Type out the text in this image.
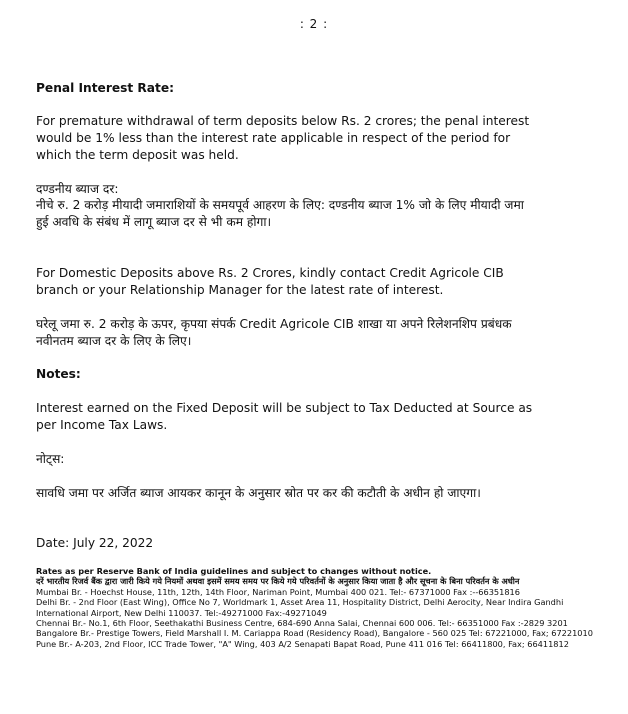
: 2 :
Penal Interest Rate:
For premature withdrawal of term deposits below Rs. 2 crores; the penal interest would be 1% less than the interest rate applicable in respect of the period for which the term deposit was held.
दण्डनीय ब्याज दर:
नीचे रु. 2 करोड़ मीयादी जमाराशियों के समयपूर्व आहरण के लिए: दण्डनीय ब्याज 1% जो के लिए मीयादी जमा हुई अवधि के संबंध में लागू ब्याज दर से भी कम होगा।
For Domestic Deposits above Rs. 2 Crores, kindly contact Credit Agricole CIB branch or your Relationship Manager for the latest rate of interest.
घरेलू जमा रु. 2 करोड़ के ऊपर, कृपया संपर्क Credit Agricole CIB शाखा या अपने रिलेशनशिप प्रबंधक नवीनतम ब्याज दर के लिए के लिए।
Notes:
Interest earned on the Fixed Deposit will be subject to Tax Deducted at Source as per Income Tax Laws.
नोट्स:
सावधि जमा पर अर्जित ब्याज आयकर कानून के अनुसार स्रोत पर कर की कटौती के अधीन हो जाएगा।
Date: July 22, 2022
Rates as per Reserve Bank of India guidelines and subject to changes without notice.
दरें भारतीय रिजर्व बैंक द्वारा जारी किये गये नियमों अथवा इसमें समय समय पर किये गये परिवर्तनों के अनुसार किया जाता है और सूचना के बिना परिवर्तन के अधीन
Mumbai Br. - Hoechst House, 11th, 12th, 14th Floor, Nariman Point, Mumbai 400 021. Tel:- 67371000 Fax :--66351816
Delhi Br. - 2nd Floor (East Wing), Office No 7, Worldmark 1, Asset Area 11, Hospitality District, Delhi Aerocity, Near Indira Gandhi International Airport, New Delhi 110037. Tel:-49271000 Fax:-49271049
Chennai Br.- No.1, 6th Floor, Seethakathi Business Centre, 684-690 Anna Salai, Chennai 600 006. Tel:- 66351000 Fax :-2829 3201
Bangalore Br.- Prestige Towers, Field Marshall I. M. Cariappa Road (Residency Road), Bangalore - 560 025 Tel: 67221000, Fax; 67221010
Pune Br.- A-203, 2nd Floor, ICC Trade Tower, "A" Wing, 403 A/2 Senapati Bapat Road, Pune 411 016 Tel: 66411800, Fax; 66411812
